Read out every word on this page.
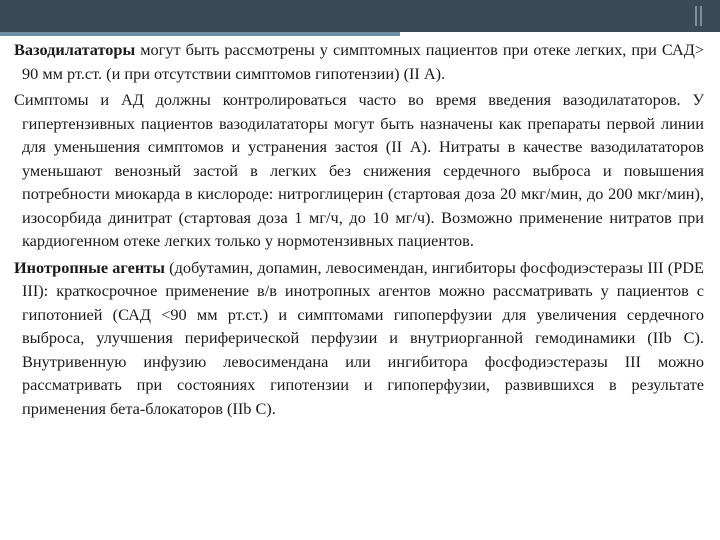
Вазодилататоры могут быть рассмотрены у симптомных пациентов при отеке легких, при САД> 90 мм рт.ст. (и при отсутствии симптомов гипотензии) (II А).

Симптомы и АД должны контролироваться часто во время введения вазодилататоров. У гипертензивных пациентов вазодилататоры могут быть назначены как препараты первой линии для уменьшения симптомов и устранения застоя (II А). Нитраты в качестве вазодилататоров уменьшают венозный застой в легких без снижения сердечного выброса и повышения потребности миокарда в кислороде: нитроглицерин (стартовая доза 20 мкг/мин, до 200 мкг/мин), изосорбида динитрат (стартовая доза 1 мг/ч, до 10 мг/ч). Возможно применение нитратов при кардиогенном отеке легких только у нормотензивных пациентов.

Инотропные агенты (добутамин, допамин, левосимендан, ингибиторы фосфодиэстеразы III (PDE III): краткосрочное применение в/в инотропных агентов можно рассматривать у пациентов с гипотонией (САД <90 мм рт.ст.) и симптомами гипоперфузии для увеличения сердечного выброса, улучшения периферической перфузии и внутриорганной гемодинамики (IIb С). Внутривенную инфузию левосимендана или ингибитора фосфодиэстеразы III можно рассматривать при состояниях гипотензии и гипоперфузии, развившихся в результате применения бета-блокаторов (IIb С).
